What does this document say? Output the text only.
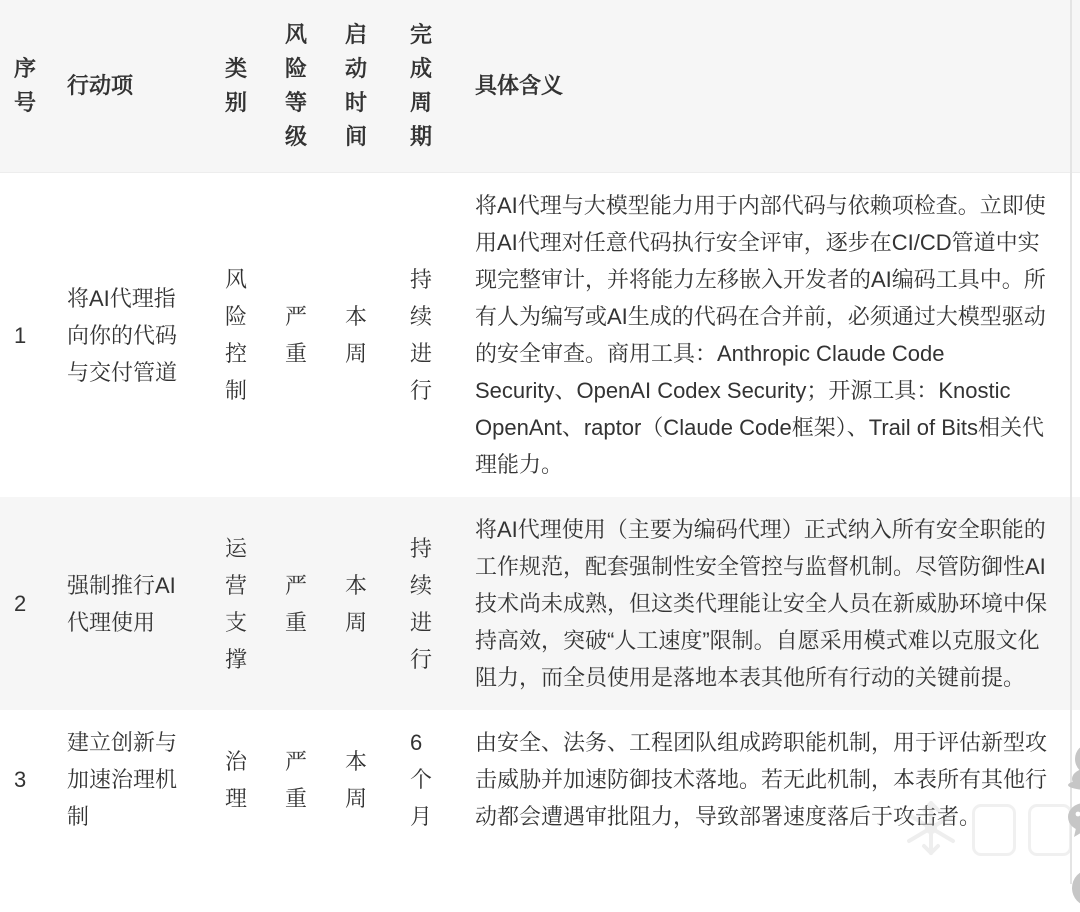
序号	行动项	类别	风险等级	启动时间	完成周期	具体含义
1	将AI代理指向你的代码与交付管道	风险控制	严重	本周	持续进行	将AI代理与大模型能力用于内部代码与依赖项检查。立即使用AI代理对任意代码执行安全评审，逐步在CI/CD管道中实现完整审计，并将能力左移嵌入开发者的AI编码工具中。所有人为编写或AI生成的代码在合并前，必须通过大模型驱动的安全审查。商用工具：Anthropic Claude Code Security、OpenAI Codex Security；开源工具：Knostic OpenAnt、raptor（Claude Code框架）、Trail of Bits相关代理能力。
2	强制推行AI代理使用	运营支撑	严重	本周	持续进行	将AI代理使用（主要为编码代理）正式纳入所有安全职能的工作规范，配套强制性安全管控与监督机制。尽管防御性AI技术尚未成熟，但这类代理能让安全人员在新威胁环境中保持高效，突破“人工速度”限制。自愿采用模式难以克服文化阻力，而全员使用是落地本表其他所有行动的关键前提。
3	建立创新与加速治理机制	治理	严重	本周	6个月	由安全、法务、工程团队组成跨职能机制，用于评估新型攻击威胁并加速防御技术落地。若无此机制，本表所有其他行动都会遭遇审批阻力，导致部署速度落后于攻击者。
